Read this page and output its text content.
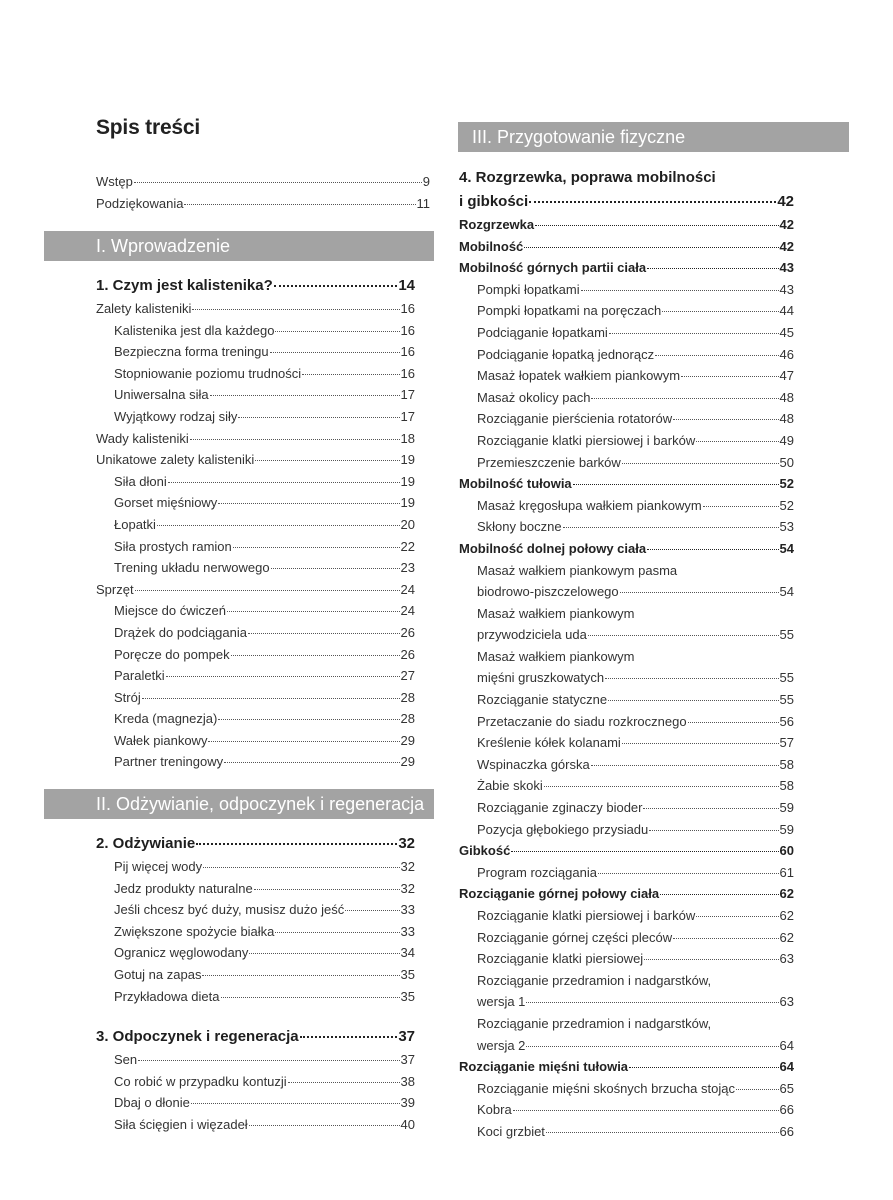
Spis treści
Wstęp	9
Podziękowania	11
I. Wprowadzenie
1. Czym jest kalistenika?	14
Zalety kalisteniki	16
Kalistenika jest dla każdego	16
Bezpieczna forma treningu	16
Stopniowanie poziomu trudności	16
Uniwersalna siła	17
Wyjątkowy rodzaj siły	17
Wady kalisteniki	18
Unikatowe zalety kalisteniki	19
Siła dłoni	19
Gorset mięśniowy	19
Łopatki	20
Siła prostych ramion	22
Trening układu nerwowego	23
Sprzęt	24
Miejsce do ćwiczeń	24
Drążek do podciągania	26
Poręcze do pompek	26
Paraletki	27
Strój	28
Kreda (magnezja)	28
Wałek piankowy	29
Partner treningowy	29
II. Odżywianie, odpoczynek i regeneracja
2. Odżywianie	32
Pij więcej wody	32
Jedz produkty naturalne	32
Jeśli chcesz być duży, musisz dużo jeść	33
Zwiększone spożycie białka	33
Ogranicz węglowodany	34
Gotuj na zapas	35
Przykładowa dieta	35
3. Odpoczynek i regeneracja	37
Sen	37
Co robić w przypadku kontuzji	38
Dbaj o dłonie	39
Siła ścięgien i więzadeł	40
III. Przygotowanie fizyczne
4. Rozgrzewka, poprawa mobilności
i gibkości	42
Rozgrzewka	42
Mobilność	42
Mobilność górnych partii ciała	43
Pompki łopatkami	43
Pompki łopatkami na poręczach	44
Podciąganie łopatkami	45
Podciąganie łopatką jednorącz	46
Masaż łopatek wałkiem piankowym	47
Masaż okolicy pach	48
Rozciąganie pierścienia rotatorów	48
Rozciąganie klatki piersiowej i barków	49
Przemieszczenie barków	50
Mobilność tułowia	52
Masaż kręgosłupa wałkiem piankowym	52
Skłony boczne	53
Mobilność dolnej połowy ciała	54
Masaż wałkiem piankowym pasma
biodrowo-piszczelowego	54
Masaż wałkiem piankowym
przywodziciela uda	55
Masaż wałkiem piankowym
mięśni gruszkowatych	55
Rozciąganie statyczne	55
Przetaczanie do siadu rozkrocznego	56
Kreślenie kółek kolanami	57
Wspinaczka górska	58
Żabie skoki	58
Rozciąganie zginaczy bioder	59
Pozycja głębokiego przysiadu	59
Gibkość	60
Program rozciągania	61
Rozciąganie górnej połowy ciała	62
Rozciąganie klatki piersiowej i barków	62
Rozciąganie górnej części pleców	62
Rozciąganie klatki piersiowej	63
Rozciąganie przedramion i nadgarstków,
wersja 1	63
Rozciąganie przedramion i nadgarstków,
wersja 2	64
Rozciąganie mięśni tułowia	64
Rozciąganie mięśni skośnych brzucha stojąc	65
Kobra	66
Koci grzbiet	66
